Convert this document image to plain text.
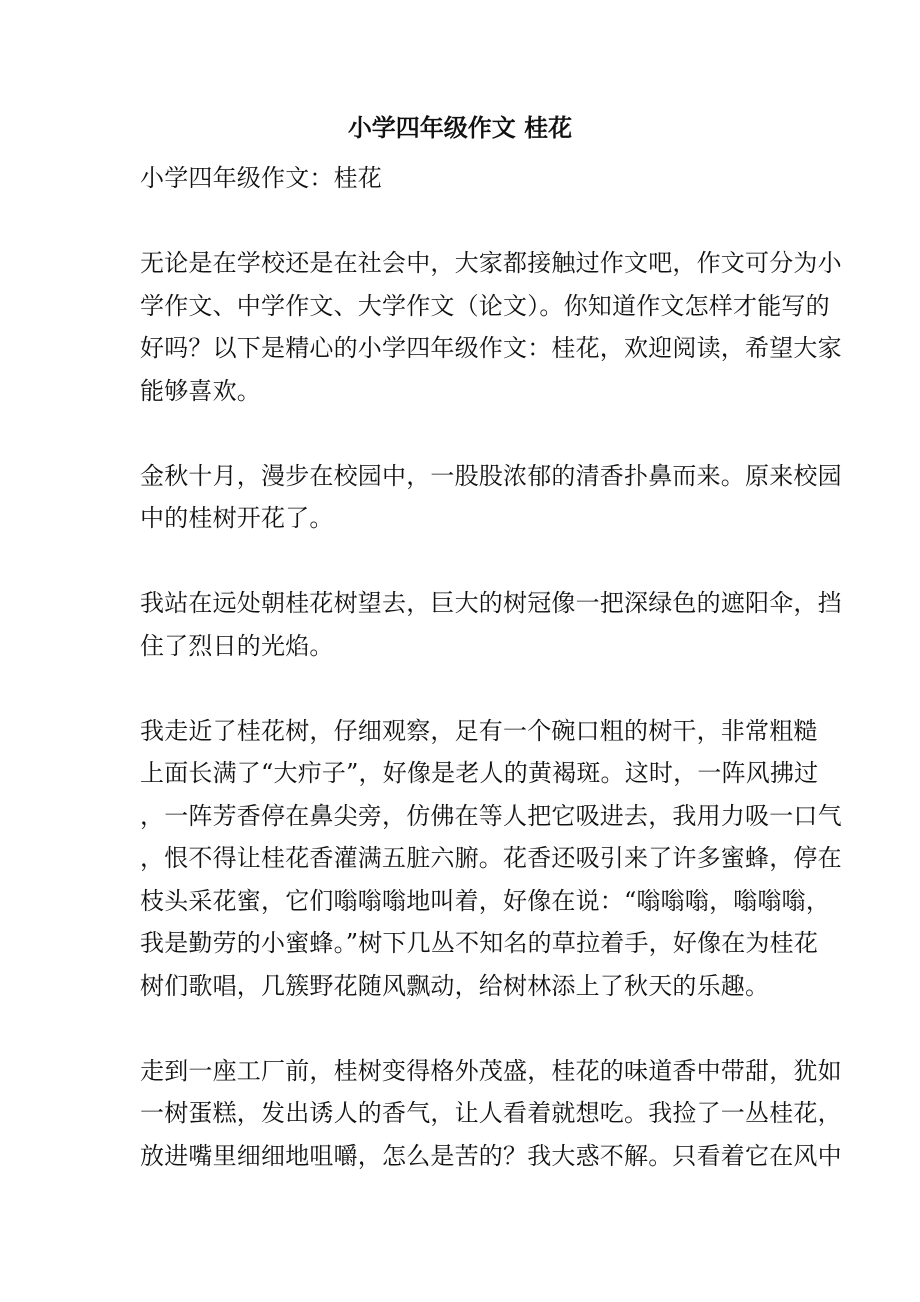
小学四年级作文 桂花
小学四年级作文：桂花
无论是在学校还是在社会中，大家都接触过作文吧，作文可分为小
学作文、中学作文、大学作文（论文）。你知道作文怎样才能写的
好吗？以下是精心的小学四年级作文：桂花，欢迎阅读，希望大家
能够喜欢。
金秋十月，漫步在校园中，一股股浓郁的清香扑鼻而来。原来校园
中的桂树开花了。
我站在远处朝桂花树望去，巨大的树冠像一把深绿色的遮阳伞，挡
住了烈日的光焰。
我走近了桂花树，仔细观察，足有一个碗口粗的树干，非常粗糙
上面长满了“大疖子”，好像是老人的黄褐斑。这时，一阵风拂过
，一阵芳香停在鼻尖旁，仿佛在等人把它吸进去，我用力吸一口气
，恨不得让桂花香灌满五脏六腑。花香还吸引来了许多蜜蜂，停在
枝头采花蜜，它们嗡嗡嗡地叫着，好像在说：“嗡嗡嗡，嗡嗡嗡，
我是勤劳的小蜜蜂。”树下几丛不知名的草拉着手，好像在为桂花
树们歌唱，几簇野花随风飘动，给树林添上了秋天的乐趣。
走到一座工厂前，桂树变得格外茂盛，桂花的味道香中带甜，犹如
一树蛋糕，发出诱人的香气，让人看着就想吃。我捡了一丛桂花，
放进嘴里细细地咀嚼，怎么是苦的？我大惑不解。只看着它在风中
